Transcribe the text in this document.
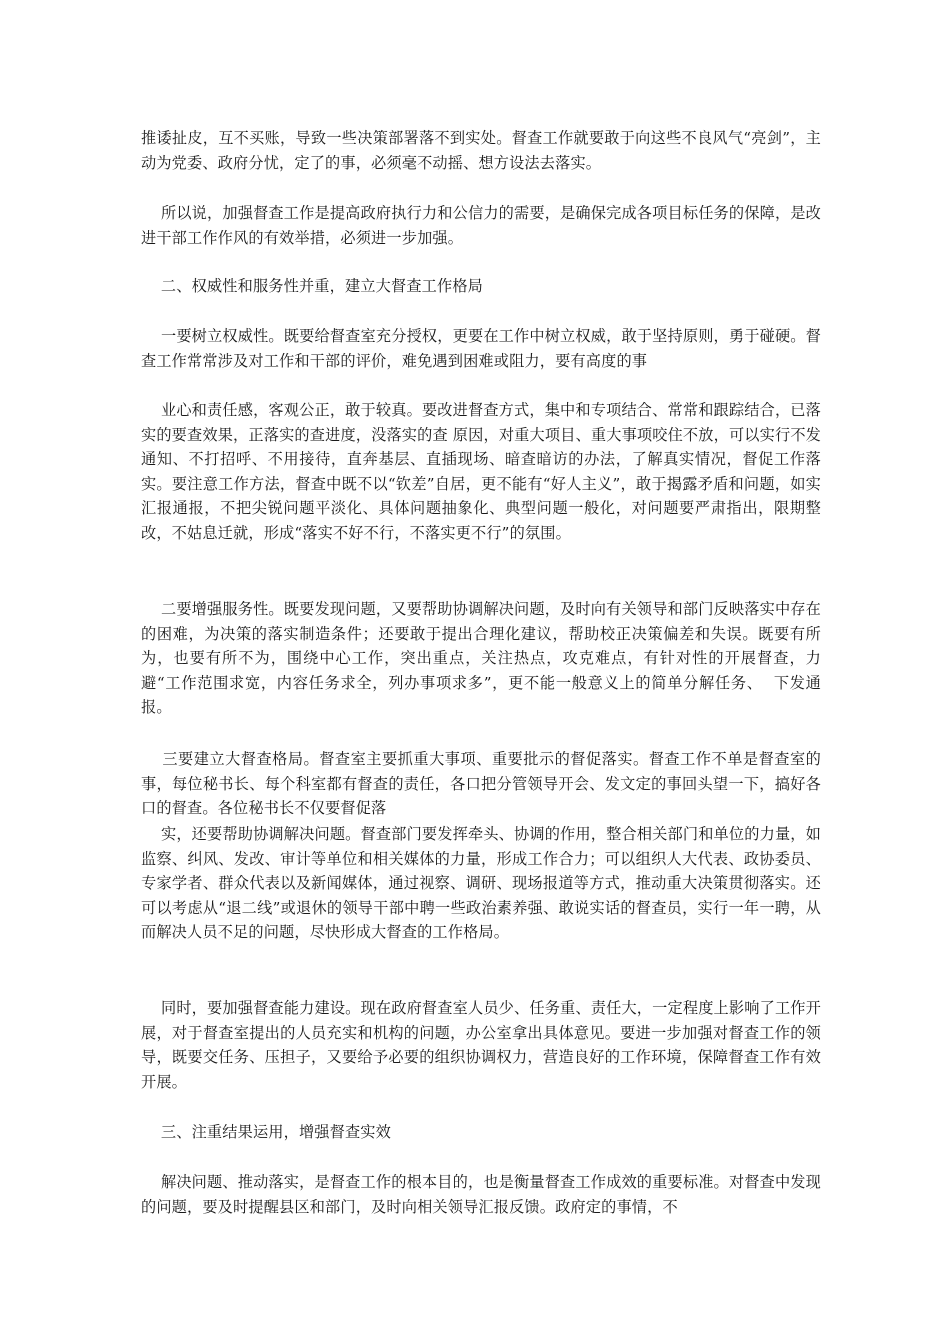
推诿扯皮，互不买账，导致一些决策部署落不到实处。督查工作就要敢于向这些不良风气“亮剑”，主动为党委、政府分忧，定了的事，必须毫不动摇、想方设法去落实。

所以说，加强督查工作是提高政府执行力和公信力的需要，是确保完成各项目标任务的保障，是改进干部工作作风的有效举措，必须进一步加强。

二、权威性和服务性并重，建立大督查工作格局

一要树立权威性。既要给督查室充分授权，更要在工作中树立权威，敢于坚持原则，勇于碰硬。督查工作常常涉及对工作和干部的评价，难免遇到困难或阻力，要有高度的事

业心和责任感，客观公正，敢于较真。要改进督查方式，集中和专项结合、常常和跟踪结合，已落实的要查效果，正落实的查进度，没落实的查 原因，对重大项目、重大事项咬住不放，可以实行不发通知、不打招呼、不用接待，直奔基层、直插现场、暗查暗访的办法，了解真实情况，督促工作落实。要注意工作方法，督查中既不以“钦差”自居，更不能有“好人主义”，敢于揭露矛盾和问题，如实汇报通报，不把尖锐问题平淡化、具体问题抽象化、典型问题一般化，对问题要严肃指出，限期整改，不姑息迁就，形成“落实不好不行，不落实更不行”的氛围。

二要增强服务性。既要发现问题，又要帮助协调解决问题，及时向有关领导和部门反映落实中存在的困难，为决策的落实制造条件；还要敢于提出合理化建议，帮助校正决策偏差和失误。既要有所为，也要有所不为，围绕中心工作，突出重点，关注热点，攻克难点，有针对性的开展督查，力避“工作范围求宽，内容任务求全，列办事项求多”，更不能一般意义上的简单分解任务、  下发通报。

三要建立大督查格局。督查室主要抓重大事项、重要批示的督促落实。督查工作不单是督查室的事，每位秘书长、每个科室都有督查的责任，各口把分管领导开会、发文定的事回头望一下，搞好各口的督查。各位秘书长不仅要督促落

实，还要帮助协调解决问题。督查部门要发挥牵头、协调的作用，整合相关部门和单位的力量，如监察、纠风、发改、审计等单位和相关媒体的力量，形成工作合力；可以组织人大代表、政协委员、专家学者、群众代表以及新闻媒体，通过视察、调研、现场报道等方式，推动重大决策贯彻落实。还可以考虑从“退二线”或退休的领导干部中聘一些政治素养强、敢说实话的督查员，实行一年一聘，从而解决人员不足的问题，尽快形成大督查的工作格局。

同时，要加强督查能力建设。现在政府督查室人员少、任务重、责任大，一定程度上影响了工作开展，对于督查室提出的人员充实和机构的问题，办公室拿出具体意见。要进一步加强对督查工作的领导，既要交任务、压担子，又要给予必要的组织协调权力，营造良好的工作环境，保障督查工作有效开展。

三、注重结果运用，增强督查实效

解决问题、推动落实，是督查工作的根本目的，也是衡量督查工作成效的重要标准。对督查中发现的问题，要及时提醒县区和部门，及时向相关领导汇报反馈。政府定的事情，不
